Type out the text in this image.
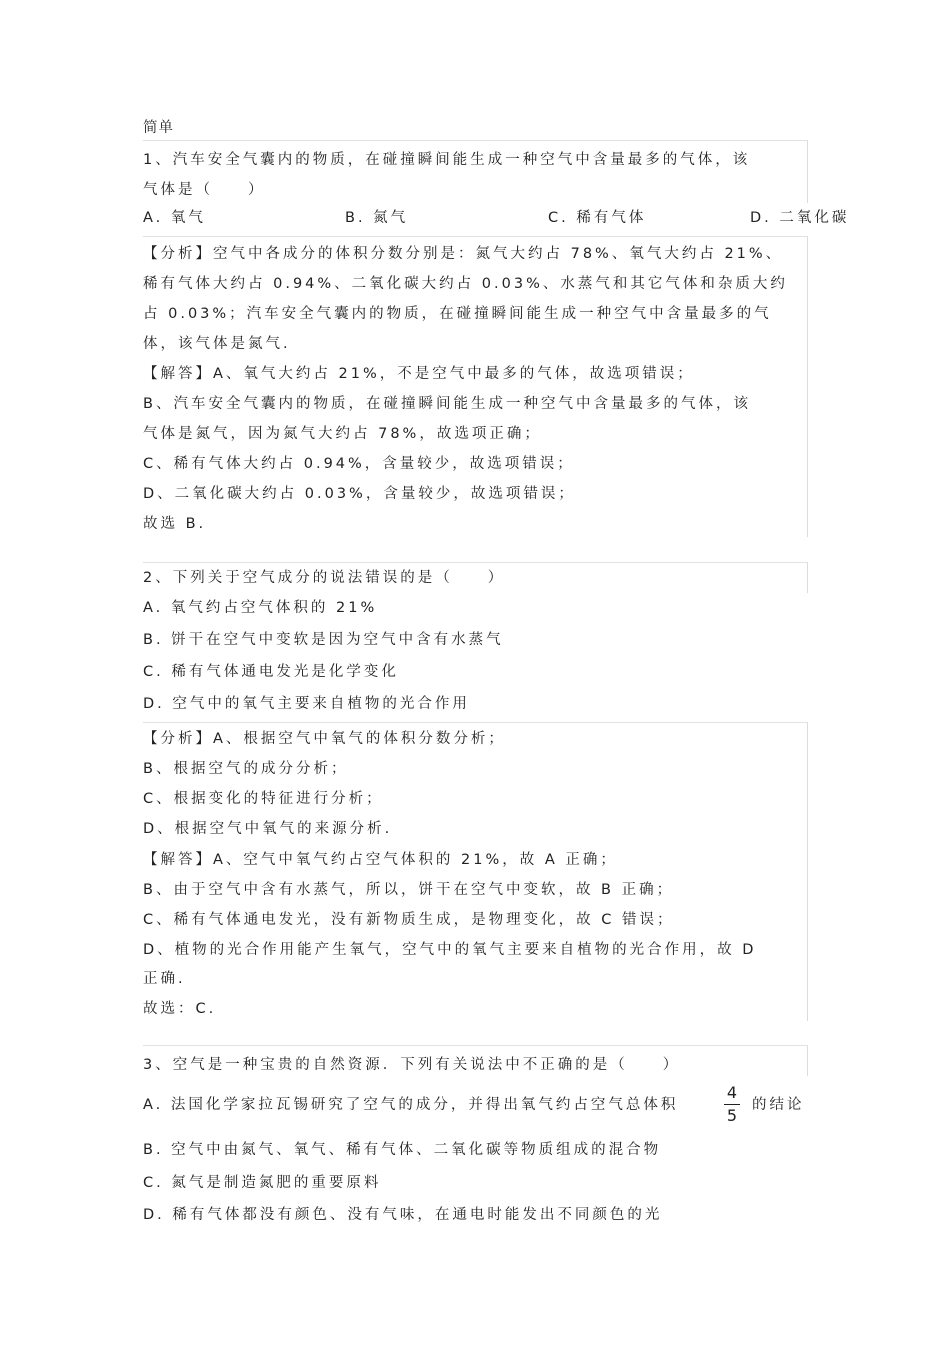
简单
1、汽车安全气囊内的物质，在碰撞瞬间能生成一种空气中含量最多的气体，该
气体是（　　）
A. 氧气	B. 氮气	C. 稀有气体	D. 二氧化碳
【分析】空气中各成分的体积分数分别是：氮气大约占 78%、氧气大约占 21%、
稀有气体大约占 0.94%、二氧化碳大约占 0.03%、水蒸气和其它气体和杂质大约
占 0.03%；汽车安全气囊内的物质，在碰撞瞬间能生成一种空气中含量最多的气
体，该气体是氮气.
【解答】A、氧气大约占 21%，不是空气中最多的气体，故选项错误；
B、汽车安全气囊内的物质，在碰撞瞬间能生成一种空气中含量最多的气体，该
气体是氮气，因为氮气大约占 78%，故选项正确；
C、稀有气体大约占 0.94%，含量较少，故选项错误；
D、二氧化碳大约占 0.03%，含量较少，故选项错误；
故选 B.
2、下列关于空气成分的说法错误的是（　　）
A. 氧气约占空气体积的 21%
B. 饼干在空气中变软是因为空气中含有水蒸气
C. 稀有气体通电发光是化学变化
D. 空气中的氧气主要来自植物的光合作用
【分析】A、根据空气中氧气的体积分数分析；
B、根据空气的成分分析；
C、根据变化的特征进行分析；
D、根据空气中氧气的来源分析.
【解答】A、空气中氧气约占空气体积的 21%，故 A 正确；
B、由于空气中含有水蒸气，所以，饼干在空气中变软，故 B 正确；
C、稀有气体通电发光，没有新物质生成，是物理变化，故 C 错误；
D、植物的光合作用能产生氧气，空气中的氧气主要来自植物的光合作用，故 D
正确.
故选：C.
3、空气是一种宝贵的自然资源．下列有关说法中不正确的是（　　）
A. 法国化学家拉瓦锡研究了空气的成分，并得出氧气约占空气总体积
4
5
的结论
B. 空气中由氮气、氧气、稀有气体、二氧化碳等物质组成的混合物
C. 氮气是制造氮肥的重要原料
D. 稀有气体都没有颜色、没有气味，在通电时能发出不同颜色的光
